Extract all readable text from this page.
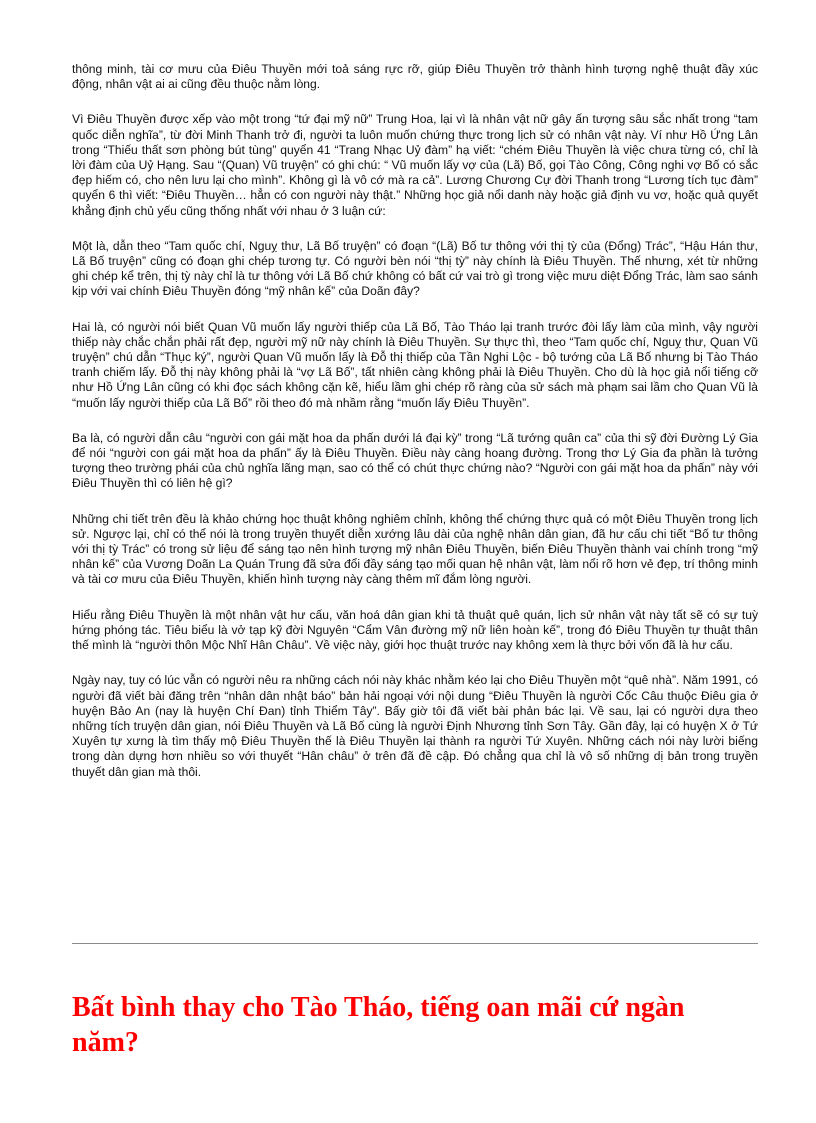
thông minh, tài cơ mưu của Điêu Thuyền mới toả sáng rực rỡ, giúp Điêu Thuyền trở thành hình tượng nghệ thuật đầy xúc động, nhân vật ai ai cũng đều thuộc nằm lòng.

Vì Điêu Thuyền được xếp vào một trong “tứ đại mỹ nữ” Trung Hoa, lại vì là nhân vật nữ gây ấn tượng sâu sắc nhất trong “tam quốc diễn nghĩa”, từ đời Minh Thanh trở đi, người ta luôn muốn chứng thực trong lịch sử có nhân vật này. Ví như Hồ Ứng Lân trong “Thiếu thất sơn phòng bút tùng” quyển 41 “Trang Nhạc Uỷ đàm” hạ viết: “chém Điêu Thuyền là việc chưa từng có, chỉ là lời đàm của Uỷ Hạng. Sau “(Quan) Vũ truyện” có ghi chú: “ Vũ muốn lấy vợ của (Lã) Bố, gọi Tào Công, Công nghi vợ Bố có sắc đẹp hiếm có, cho nên lưu lại cho mình”. Không gì là vô cớ mà ra cả”. Lương Chương Cự đời Thanh trong “Lương tích tục đàm” quyển 6 thì viết: “Điêu Thuyền… hẳn có con người này thật.” Những học giả nổi danh này hoặc giả định vu vơ, hoặc quả quyết khẳng định chủ yếu cũng thống nhất với nhau ở 3 luận cứ:

Một là, dẫn theo “Tam quốc chí, Nguỵ thư, Lã Bố truyện” có đoạn “(Lã) Bố tư thông với thị tỳ của (Đổng) Trác”, “Hậu Hán thư, Lã Bố truyện” cũng có đoạn ghi chép tương tự. Có người bèn nói “thị tỳ” này chính là Điêu Thuyền. Thế nhưng, xét từ những ghi chép kể trên, thị tỳ này chỉ là tư thông với Lã Bố chứ không có bất cứ vai trò gì trong việc mưu diệt Đổng Trác, làm sao sánh kịp với vai chính Điêu Thuyền đóng “mỹ nhân kế” của Doãn đây?

Hai là, có người nói biết Quan Vũ muốn lấy người thiếp của Lã Bố, Tào Tháo lại tranh trước đòi lấy làm của mình, vậy người thiếp này chắc chắn phải rất đẹp, người mỹ nữ này chính là Điêu Thuyền. Sự thực thì, theo “Tam quốc chí, Nguỵ thư, Quan Vũ truyện” chú dẫn “Thục ký”, người Quan Vũ muốn lấy là Đỗ thị thiếp của Tần Nghi Lộc - bộ tướng của Lã Bố nhưng bị Tào Tháo tranh chiếm lấy. Đỗ thị này không phải là “vợ Lã Bố”, tất nhiên càng không phải là Điêu Thuyền. Cho dù là học giả nổi tiếng cỡ như Hồ Ứng Lân cũng có khi đọc sách không cặn kẽ, hiểu lầm ghi chép rõ ràng của sử sách mà phạm sai lầm cho Quan Vũ là “muốn lấy người thiếp của Lã Bố” rồi theo đó mà nhầm rằng “muốn lấy Điêu Thuyền”.

Ba là, có người dẫn câu “người con gái mặt hoa da phấn dưới lá đại kỳ” trong “Lã tướng quân ca” của thi sỹ đời Đường Lý Gia để nói “người con gái mặt hoa da phấn” ấy là Điêu Thuyền. Điều này càng hoang đường. Trong thơ Lý Gia đa phần là tưởng tượng theo trường phái của chủ nghĩa lãng mạn, sao có thể có chút thực chứng nào? “Người con gái mặt hoa da phấn” này với Điêu Thuyền thì có liên hệ gì?

Những chi tiết trên đều là khảo chứng học thuật không nghiêm chỉnh, không thể chứng thực quả có một Điêu Thuyền trong lịch sử. Ngược lại, chỉ có thể nói là trong truyền thuyết diễn xướng lâu dài của nghệ nhân dân gian, đã hư cấu chi tiết “Bố tư thông với thị tỳ Trác” có trong sử liệu để sáng tạo nên hình tượng mỹ nhân Điêu Thuyền, biến Điêu Thuyền thành vai chính trong “mỹ nhân kế” của Vương Doãn La Quán Trung đã sửa đổi đầy sáng tạo mối quan hệ nhân vật, làm nổi rõ hơn vẻ đẹp, trí thông minh và tài cơ mưu của Điêu Thuyền, khiến hình tượng này càng thêm mĩ đắm lòng người.

Hiểu rằng Điêu Thuyền là một nhân vật hư cấu, văn hoá dân gian khi tả thuật quê quán, lịch sử nhân vật này tất sẽ có sự tuỳ hứng phóng tác. Tiêu biểu là vở tạp kỹ đời Nguyên “Cẩm Vân đường mỹ nữ liên hoàn kế”, trong đó Điêu Thuyền tự thuật thân thế mình là “người thôn Mộc Nhĩ Hân Châu”. Về việc này, giới học thuật trước nay không xem là thực bởi vốn đã là hư cấu.

Ngày nay, tuy có lúc vẫn có người nêu ra những cách nói này khác nhằm kéo lại cho Điêu Thuyền một “quê nhà”. Năm 1991, có người đã viết bài đăng trên “nhân dân nhật báo” bản hải ngoại với nội dung “Điêu Thuyền là người Cốc Câu thuộc Điêu gia ở huyện Bảo An (nay là huyện Chí Đan) tỉnh Thiểm Tây”. Bấy giờ tôi đã viết bài phản bác lại. Về sau, lại có người dựa theo những tích truyện dân gian, nói Điêu Thuyền và Lã Bố cùng là người Định Nhương tỉnh Sơn Tây. Gần đây, lại có huyện X ở Tứ Xuyên tự xưng là tìm thấy mộ Điêu Thuyền thế là Điêu Thuyền lại thành ra người Tứ Xuyên. Những cách nói này lười biếng trong dàn dựng hơn nhiều so với thuyết “Hân châu” ở trên đã đề cập. Đó chẳng qua chỉ là vô số những dị bản trong truyền thuyết dân gian mà thôi.

Bất bình thay cho Tào Tháo, tiếng oan mãi cứ ngàn năm?
